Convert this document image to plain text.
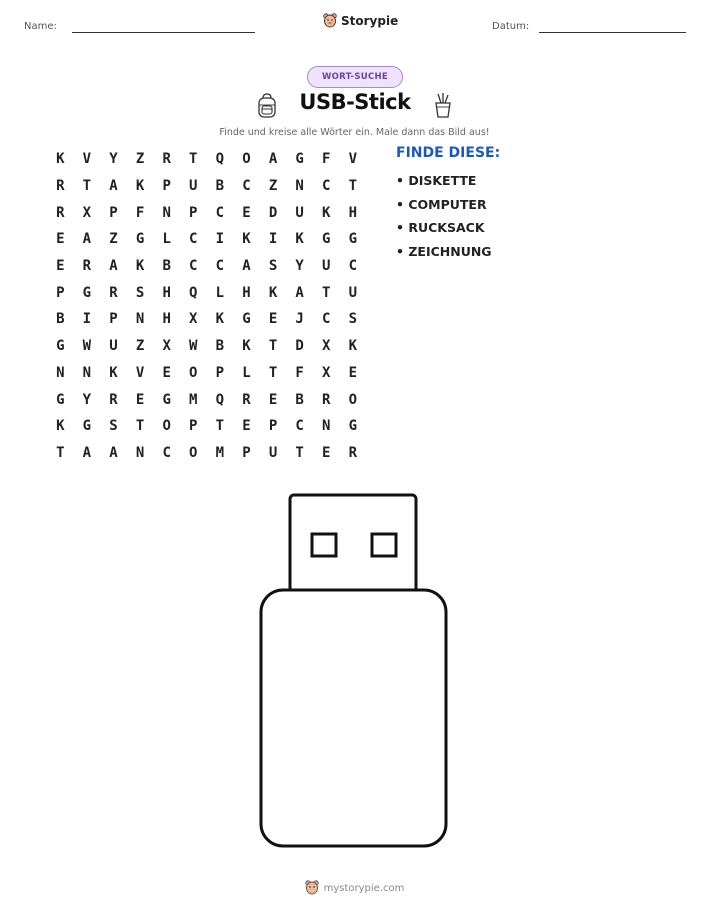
Name:	Storypie	Datum:
WORT-SUCHE
USB-Stick
Finde und kreise alle Wörter ein. Male dann das Bild aus!
K	V	Y	Z	R	T	Q	O	A	G	F	V
R	T	A	K	P	U	B	C	Z	N	C	T
R	X	P	F	N	P	C	E	D	U	K	H
E	A	Z	G	L	C	I	K	I	K	G	G
E	R	A	K	B	C	C	A	S	Y	U	C
P	G	R	S	H	Q	L	H	K	A	T	U
B	I	P	N	H	X	K	G	E	J	C	S
G	W	U	Z	X	W	B	K	T	D	X	K
N	N	K	V	E	O	P	L	T	F	X	E
G	Y	R	E	G	M	Q	R	E	B	R	O
K	G	S	T	O	P	T	E	P	C	N	G
T	A	A	N	C	O	M	P	U	T	E	R
FINDE DIESE:
• DISKETTE
• COMPUTER
• RUCKSACK
• ZEICHNUNG
mystorypie.com
